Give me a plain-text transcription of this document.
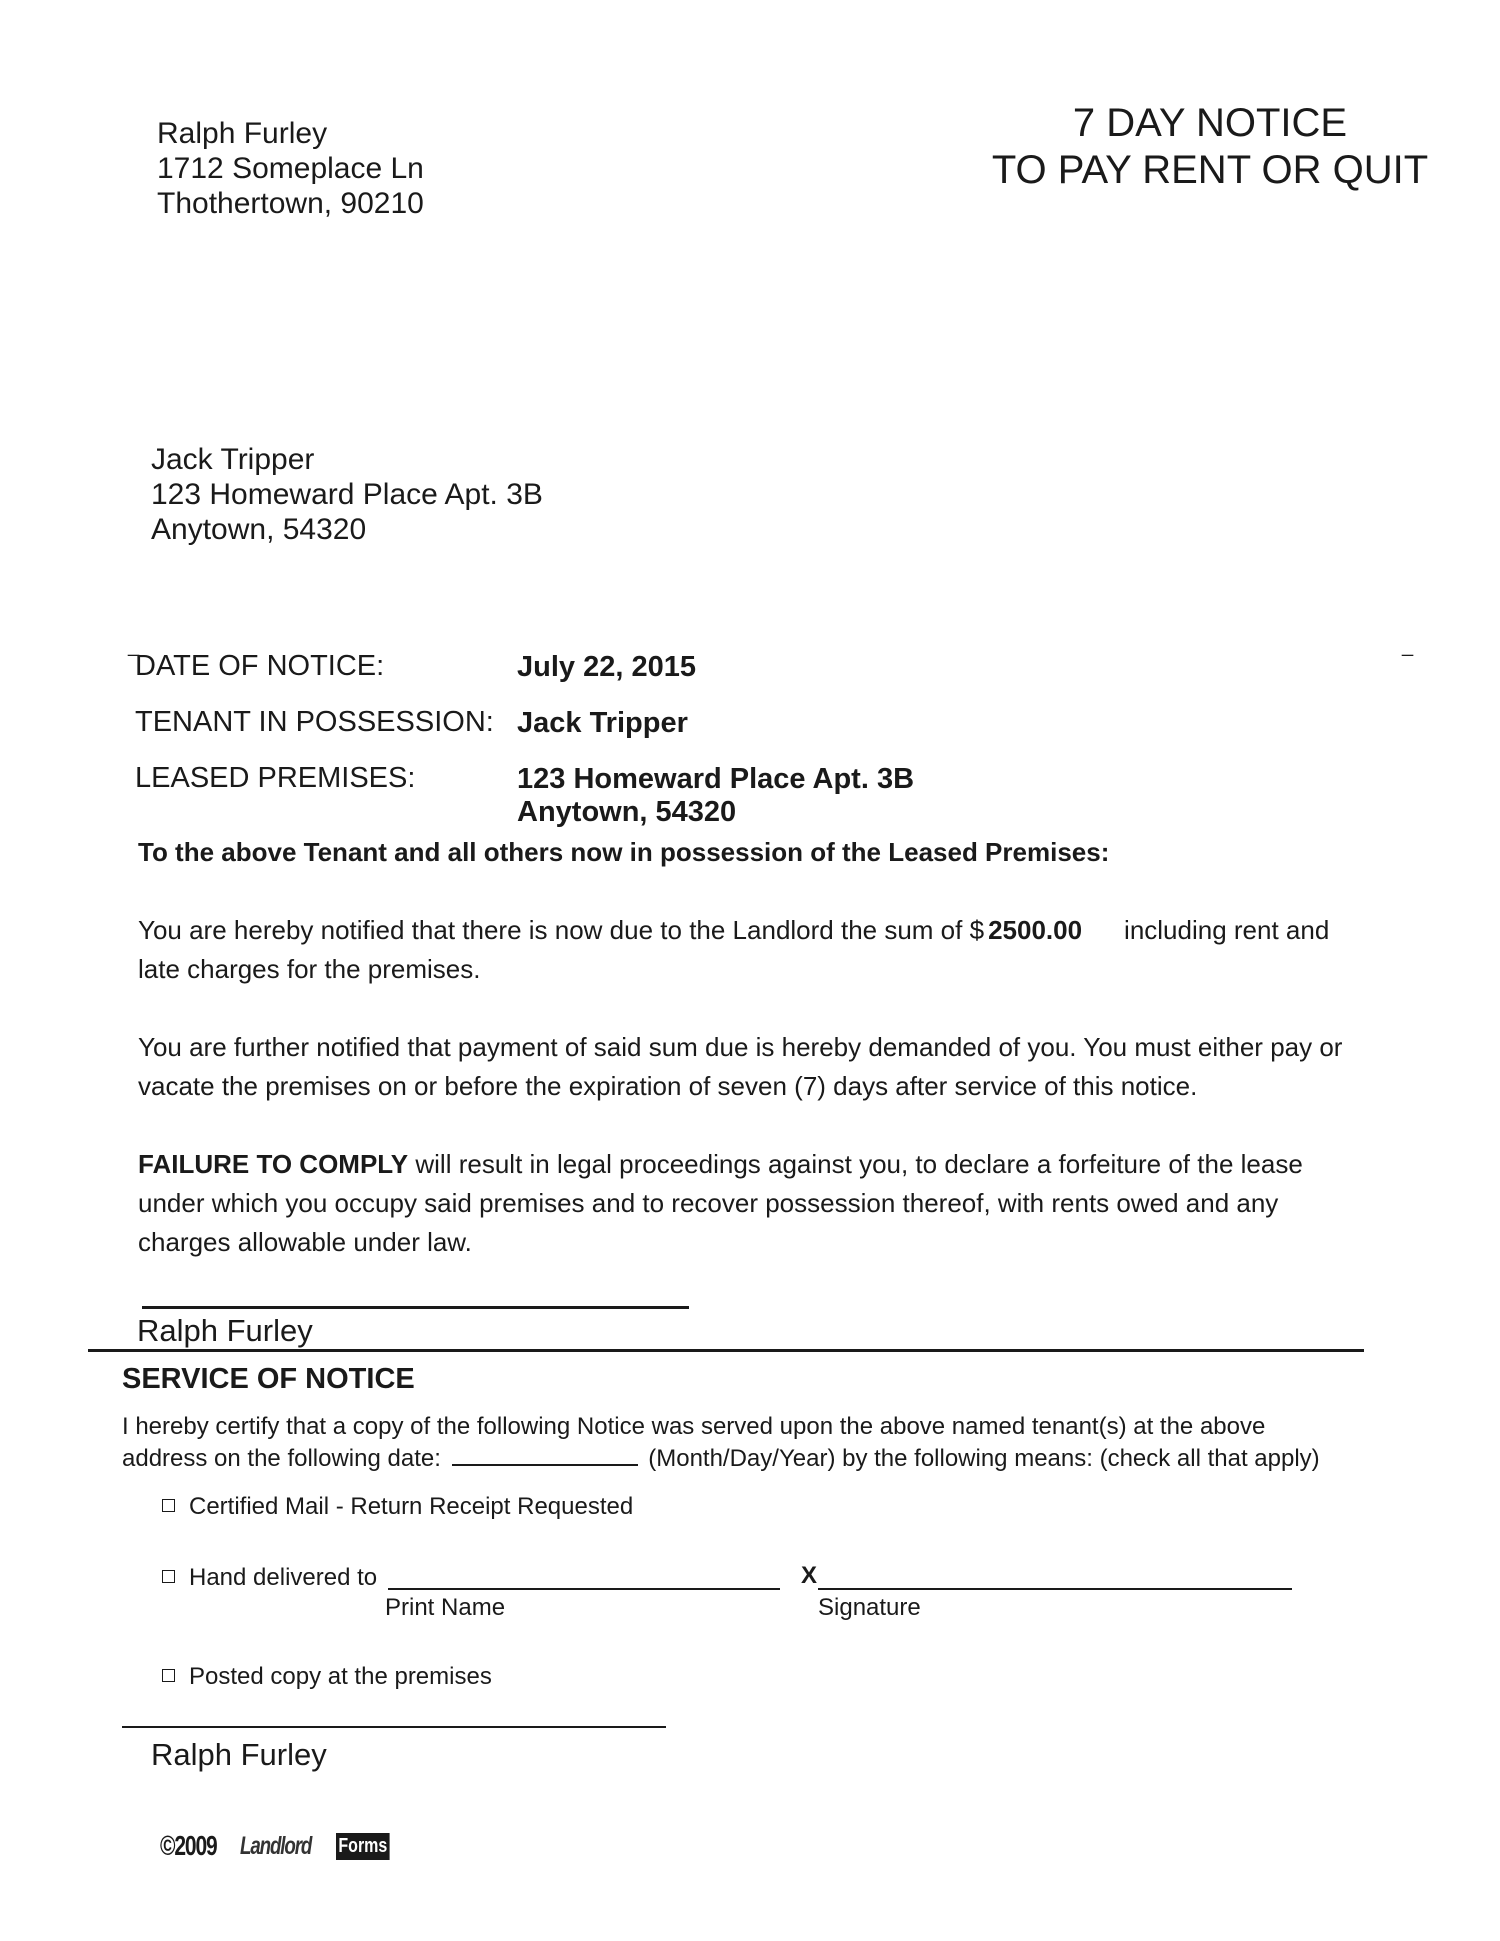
Ralph Furley
1712 Someplace Ln
Thothertown, 90210
7 DAY NOTICE
TO PAY RENT OR QUIT
Jack Tripper
123 Homeward Place Apt. 3B
Anytown, 54320
_	_
DATE OF NOTICE:	July 22, 2015
TENANT IN POSSESSION: Jack Tripper
LEASED PREMISES:	123 Homeward Place Apt. 3B
Anytown, 54320
To the above Tenant and all others now in possession of the Leased Premises:
You are hereby notified that there is now due to the Landlord the sum of $ 2500.00 including rent and late charges for the premises.
You are further notified that payment of said sum due is hereby demanded of you. You must either pay or vacate the premises on or before the expiration of seven (7) days after service of this notice.
FAILURE TO COMPLY will result in legal proceedings against you, to declare a forfeiture of the lease under which you occupy said premises and to recover possession thereof, with rents owed and any charges allowable under law.
Ralph Furley
SERVICE OF NOTICE
I hereby certify that a copy of the following Notice was served upon the above named tenant(s) at the above
address on the following date:	(Month/Day/Year) by the following means: (check all that apply)
Certified Mail - Return Receipt Requested
Hand delivered to	X
Print Name	Signature
Posted copy at the premises
Ralph Furley
©2009 Landlord	Forms
